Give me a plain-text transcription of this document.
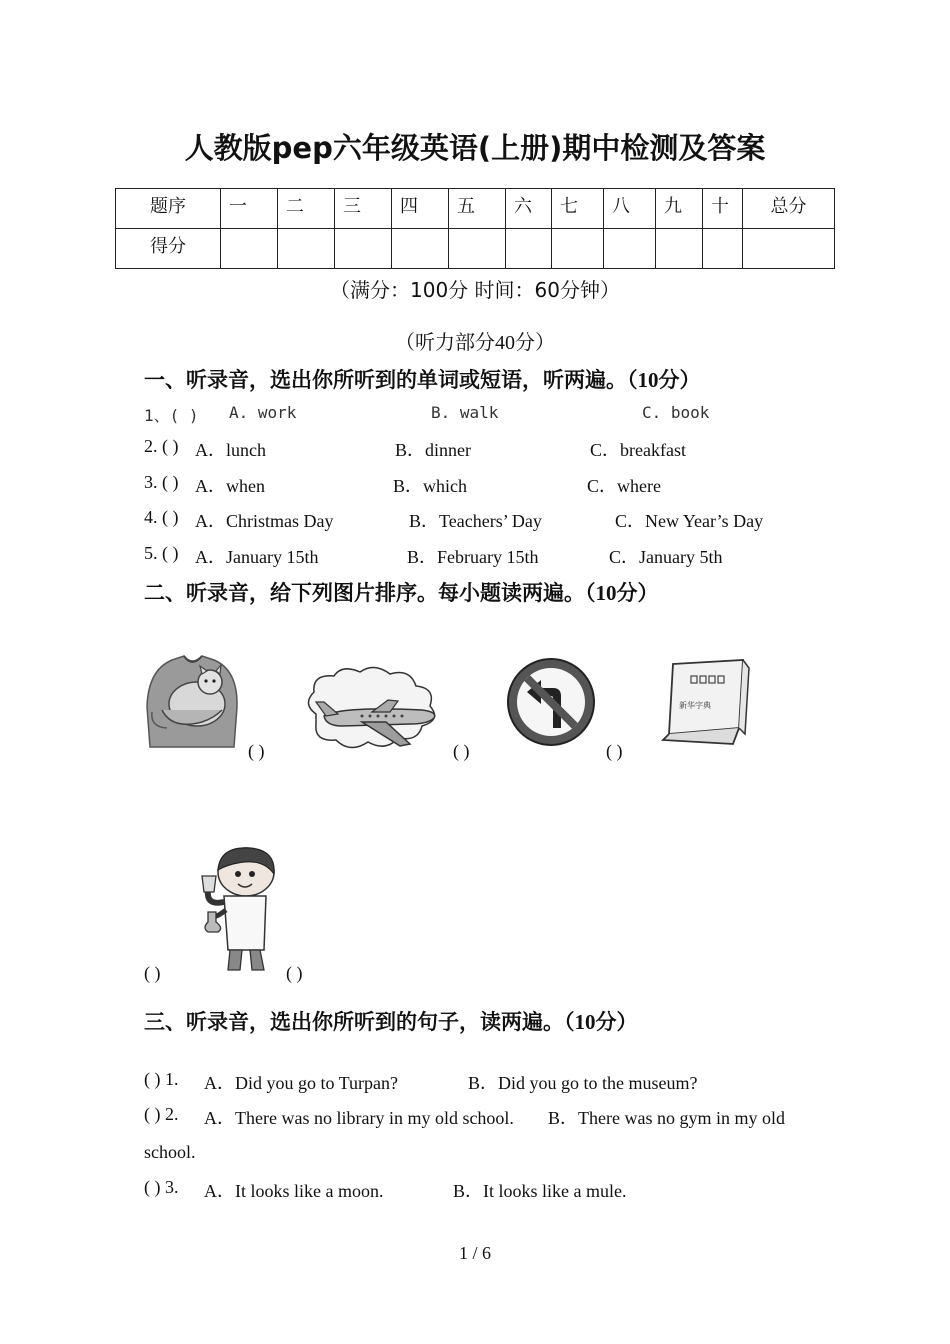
人教版pep六年级英语(上册)期中检测及答案
题序	一	二	三	四	五	六	七	八	九	十	总分
得分											
（满分：100分 时间：60分钟）
（听力部分40分）
一、听录音，选出你所听到的单词或短语，听两遍。（10分）
1、( ) A. work	B. walk	C. book
2. ( ) A．lunch	B．dinner	C．breakfast
3. ( ) A．when	B．which	C．where
4. ( ) A．Christmas Day	B．Teachers’ Day	C．New Year’s Day
5. ( ) A．January 15th	B．February 15th	C．January 5th
二、听录音，给下列图片排序。每小题读两遍。（10分）
( )	( )	( )
新华字典
( )	( )
三、听录音，选出你所听到的句子，读两遍。（10分）
( ) 1. A．Did you go to Turpan?	B．Did you go to the museum?
( ) 2. A．There was no library in my old school. B．There was no gym in my old
school.
( ) 3. A．It looks like a moon.	B．It looks like a mule.
1 / 6
